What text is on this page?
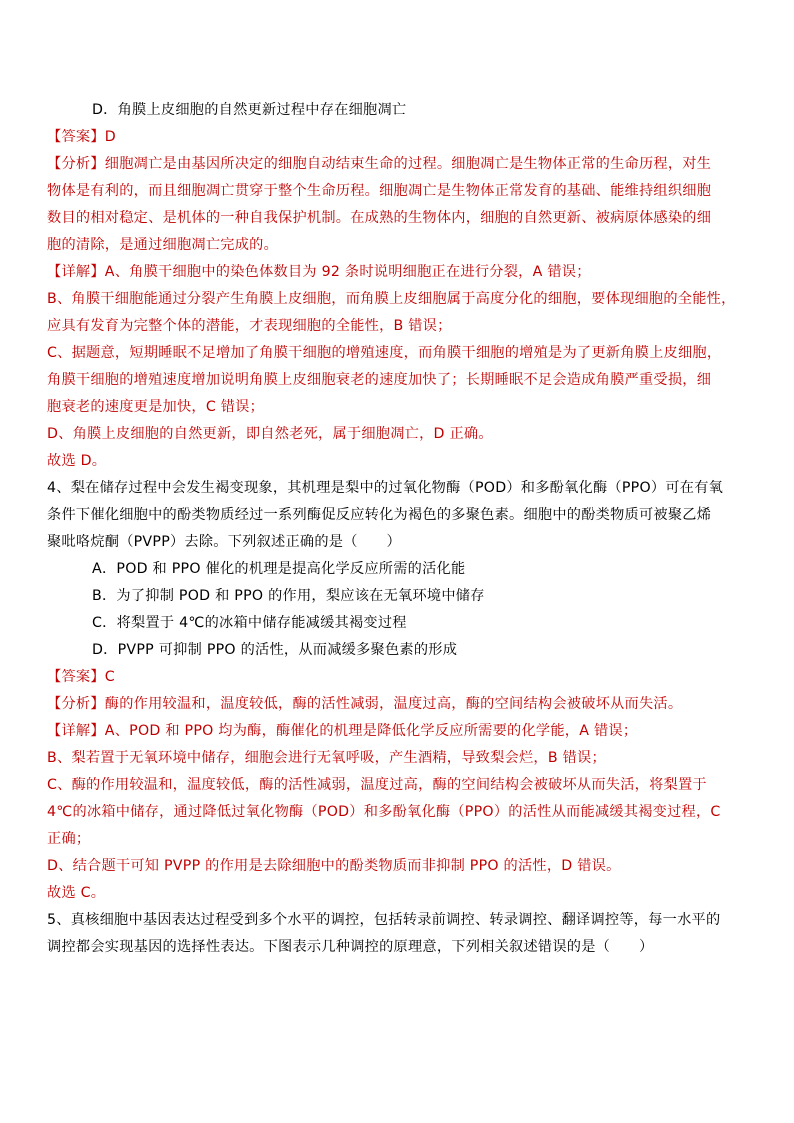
D．角膜上皮细胞的自然更新过程中存在细胞凋亡
【答案】D
【分析】细胞凋亡是由基因所决定的细胞自动结束生命的过程。细胞凋亡是生物体正常的生命历程，对生
物体是有利的，而且细胞凋亡贯穿于整个生命历程。细胞凋亡是生物体正常发育的基础、能维持组织细胞
数目的相对稳定、是机体的一种自我保护机制。在成熟的生物体内，细胞的自然更新、被病原体感染的细
胞的清除，是通过细胞凋亡完成的。
【详解】A、角膜干细胞中的染色体数目为 92 条时说明细胞正在进行分裂，A 错误；
B、角膜干细胞能通过分裂产生角膜上皮细胞，而角膜上皮细胞属于高度分化的细胞，要体现细胞的全能性，
应具有发育为完整个体的潜能，才表现细胞的全能性，B 错误；
C、据题意，短期睡眠不足增加了角膜干细胞的增殖速度，而角膜干细胞的增殖是为了更新角膜上皮细胞，
角膜干细胞的增殖速度增加说明角膜上皮细胞衰老的速度加快了；长期睡眠不足会造成角膜严重受损，细
胞衰老的速度更是加快，C 错误；
D、角膜上皮细胞的自然更新，即自然老死，属于细胞凋亡，D 正确。
故选 D。
4、梨在储存过程中会发生褐变现象，其机理是梨中的过氧化物酶（POD）和多酚氧化酶（PPO）可在有氧
条件下催化细胞中的酚类物质经过一系列酶促反应转化为褐色的多聚色素。细胞中的酚类物质可被聚乙烯
聚吡咯烷酮（PVPP）去除。下列叙述正确的是（　　）
A．POD 和 PPO 催化的机理是提高化学反应所需的活化能
B．为了抑制 POD 和 PPO 的作用，梨应该在无氧环境中储存
C．将梨置于 4℃的冰箱中储存能减缓其褐变过程
D．PVPP 可抑制 PPO 的活性，从而减缓多聚色素的形成
【答案】C
【分析】酶的作用较温和，温度较低，酶的活性减弱，温度过高，酶的空间结构会被破坏从而失活。
【详解】A、POD 和 PPO 均为酶，酶催化的机理是降低化学反应所需要的化学能，A 错误；
B、梨若置于无氧环境中储存，细胞会进行无氧呼吸，产生酒精，导致梨会烂，B 错误；
C、酶的作用较温和，温度较低，酶的活性减弱，温度过高，酶的空间结构会被破坏从而失活，将梨置于
4℃的冰箱中储存，通过降低过氧化物酶（POD）和多酚氧化酶（PPO）的活性从而能减缓其褐变过程，C
正确；
D、结合题干可知 PVPP 的作用是去除细胞中的酚类物质而非抑制 PPO 的活性，D 错误。
故选 C。
5、真核细胞中基因表达过程受到多个水平的调控，包括转录前调控、转录调控、翻译调控等，每一水平的
调控都会实现基因的选择性表达。下图表示几种调控的原理意，下列相关叙述错误的是（　　）
